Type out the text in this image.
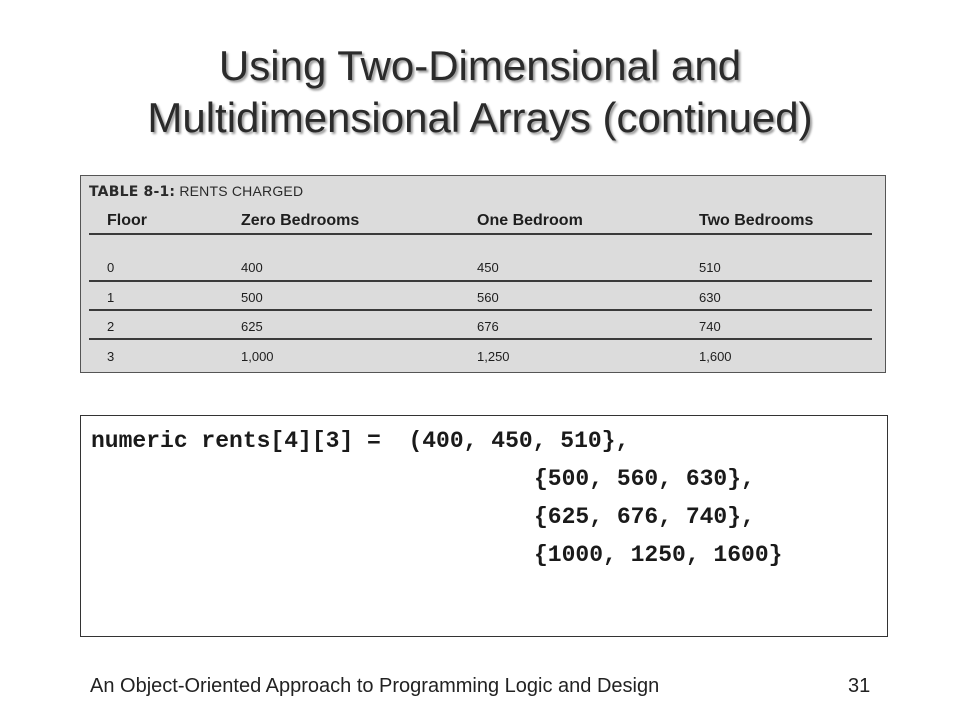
Using Two-Dimensional and
Multidimensional Arrays (continued)
TABLE 8-1: RENTS CHARGED
Floor	Zero Bedrooms	One Bedroom	Two Bedrooms
0	400	450	510
1	500	560	630
2	625	676	740
3	1,000	1,250	1,600
numeric rents[4][3] =  (400, 450, 510},
{500, 560, 630},
{625, 676, 740},
{1000, 1250, 1600}
An Object-Oriented Approach to Programming Logic and Design	31
